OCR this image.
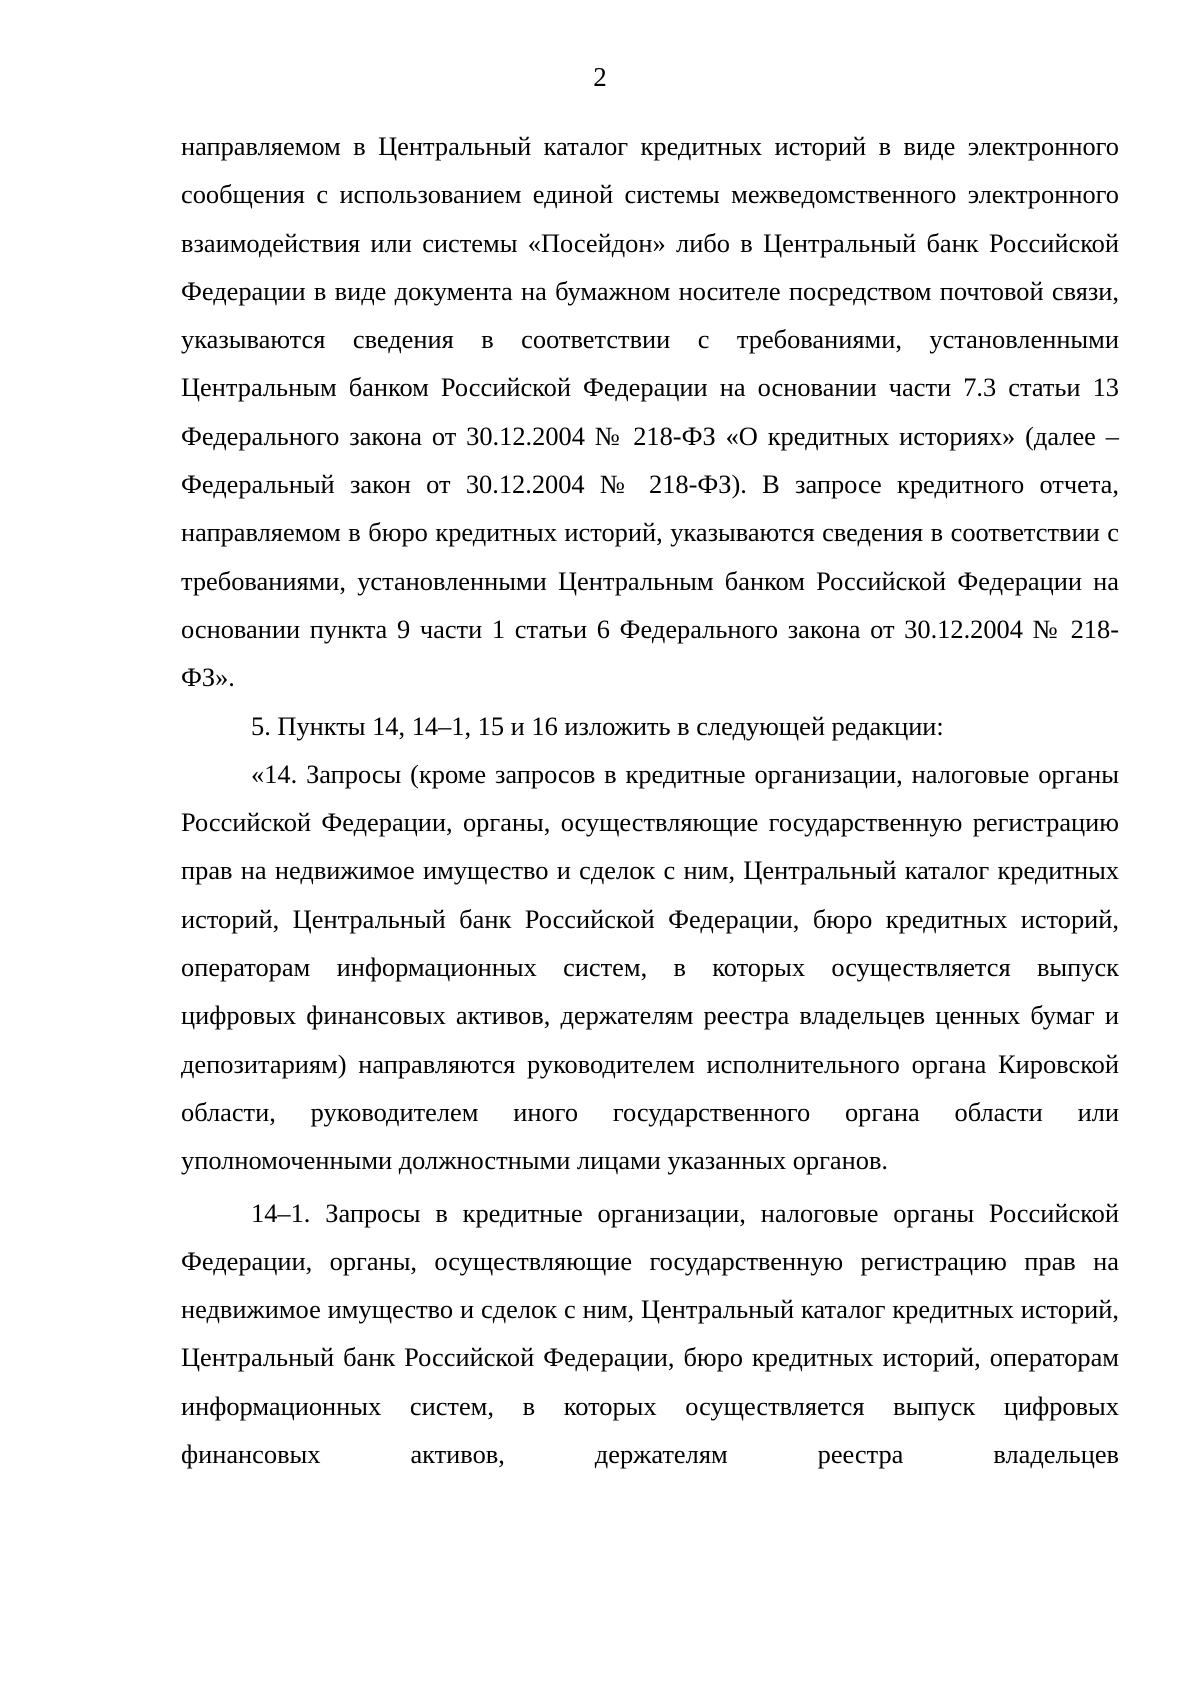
2

направляемом в Центральный каталог кредитных историй в виде электронного сообщения с использованием единой системы межведомственного электронного взаимодействия или системы «Посейдон» либо в Центральный банк Российской Федерации в виде документа на бумажном носителе посредством почтовой связи, указываются сведения в соответствии с требованиями, установленными Центральным банком Российской Федерации на основании части 7.3 статьи 13 Федерального закона от 30.12.2004 № 218-ФЗ «О кредитных историях» (далее – Федеральный закон от 30.12.2004 № 218-ФЗ). В запросе кредитного отчета, направляемом в бюро кредитных историй, указываются сведения в соответствии с требованиями, установленными Центральным банком Российской Федерации на основании пункта 9 части 1 статьи 6 Федерального закона от 30.12.2004 № 218-ФЗ».

5. Пункты 14, 14–1, 15 и 16 изложить в следующей редакции:

«14. Запросы (кроме запросов в кредитные организации, налоговые органы Российской Федерации, органы, осуществляющие государственную регистрацию прав на недвижимое имущество и сделок с ним, Центральный каталог кредитных историй, Центральный банк Российской Федерации, бюро кредитных историй, операторам информационных систем, в которых осуществляется выпуск цифровых финансовых активов, держателям реестра владельцев ценных бумаг и депозитариям) направляются руководителем исполнительного органа Кировской области, руководителем иного государственного органа области или уполномоченными должностными лицами указанных органов.

14–1. Запросы в кредитные организации, налоговые органы Российской Федерации, органы, осуществляющие государственную регистрацию прав на недвижимое имущество и сделок с ним, Центральный каталог кредитных историй, Центральный банк Российской Федерации, бюро кредитных историй, операторам информационных систем, в которых осуществляется выпуск цифровых финансовых активов, держателям реестра владельцев
